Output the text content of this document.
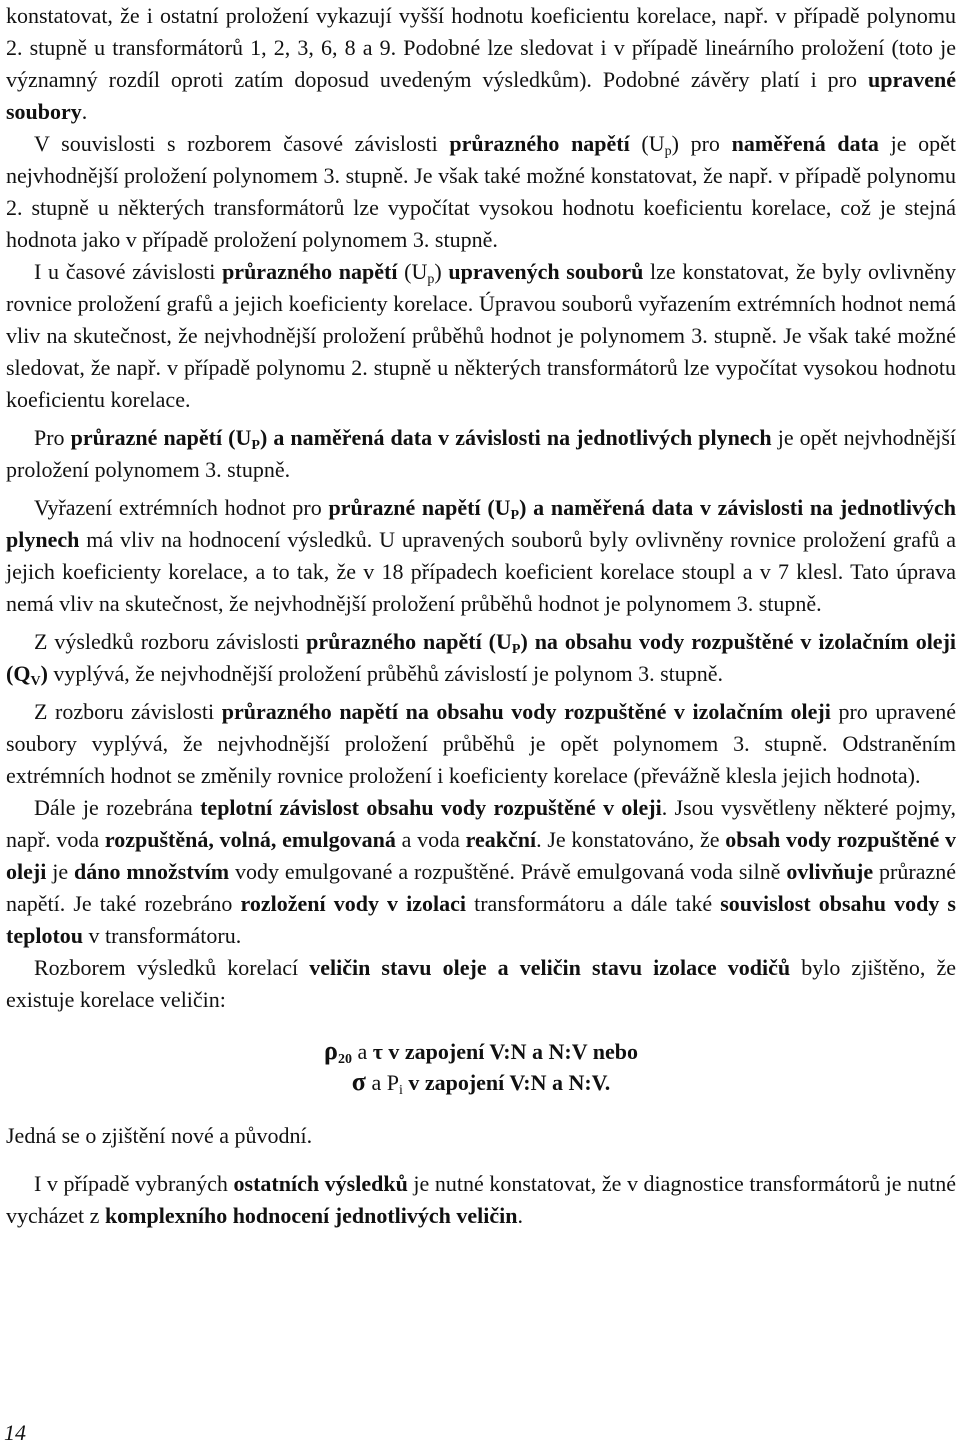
konstatovat, že i ostatní proložení vykazují vyšší hodnotu koeficientu korelace, např. v případě polynomu 2. stupně u transformátorů 1, 2, 3, 6, 8 a 9. Podobné lze sledovat i v případě lineárního proložení (toto je významný rozdíl oproti zatím doposud uvedeným výsledkům). Podobné závěry platí i pro upravené soubory.

V souvislosti s rozborem časové závislosti průrazného napětí $(U_p)$ pro naměřená data je opět nejvhodnější proložení polynomem 3. stupně. Je však také možné konstatovat, že např. v případě polynomu 2. stupně u některých transformátorů lze vypočítat vysokou hodnotu koeficientu korelace, což je stejná hodnota jako v případě proložení polynomem 3. stupně.

I u časové závislosti průrazného napětí $(U_p)$ upravených souborů lze konstatovat, že byly ovlivněny rovnice proložení grafů a jejich koeficienty korelace. Úpravou souborů vyřazením extrémních hodnot nemá vliv na skutečnost, že nejvhodnější proložení průběhů hodnot je polynomem 3. stupně. Je však také možné sledovat, že např. v případě polynomu 2. stupně u některých transformátorů lze vypočítat vysokou hodnotu koeficientu korelace.

Pro průrazné napětí $(U_P)$ a naměřená data v závislosti na jednotlivých plynech je opět nejvhodnější proložení polynomem 3. stupně.

Vyřazení extrémních hodnot pro průrazné napětí $(U_P)$ a naměřená data v závislosti na jednotlivých plynech má vliv na hodnocení výsledků. U upravených souborů byly ovlivněny rovnice proložení grafů a jejich koeficienty korelace, a to tak, že v 18 případech koeficient korelace stoupl a v 7 klesl. Tato úprava nemá vliv na skutečnost, že nejvhodnější proložení průběhů hodnot je polynomem 3. stupně.

Z výsledků rozboru závislosti průrazného napětí $(U_P)$ na obsahu vody rozpuštěné v izolačním oleji $(Q_V)$ vyplývá, že nejvhodnější proložení průběhů závislostí je polynom 3. stupně.

Z rozboru závislosti průrazného napětí na obsahu vody rozpuštěné v izolačním oleji pro upravené soubory vyplývá, že nejvhodnější proložení průběhů je opět polynomem 3. stupně. Odstraněním extrémních hodnot se změnily rovnice proložení i koeficienty korelace (převážně klesla jejich hodnota).

Dále je rozebrána teplotní závislost obsahu vody rozpuštěné v oleji. Jsou vysvětleny některé pojmy, např. voda rozpuštěná, volná, emulgovaná a voda reakční. Je konstatováno, že obsah vody rozpuštěné v oleji je dáno množstvím vody emulgované a rozpuštěné. Právě emulgovaná voda silně ovlivňuje průrazné napětí. Je také rozebráno rozložení vody v izolaci transformátoru a dále také souvislost obsahu vody s teplotou v transformátoru.

Rozborem výsledků korelací veličin stavu oleje a veličin stavu izolace vodičů bylo zjištěno, že existuje korelace veličin:

$\rho_{20}$ a τ v zapojení V:N a N:V nebo

σ a $P_i$ v zapojení V:N a N:V.

Jedná se o zjištění nové a původní.

I v případě vybraných ostatních výsledků je nutné konstatovat, že v diagnostice transformátorů je nutné vycházet z komplexního hodnocení jednotlivých veličin.

14
